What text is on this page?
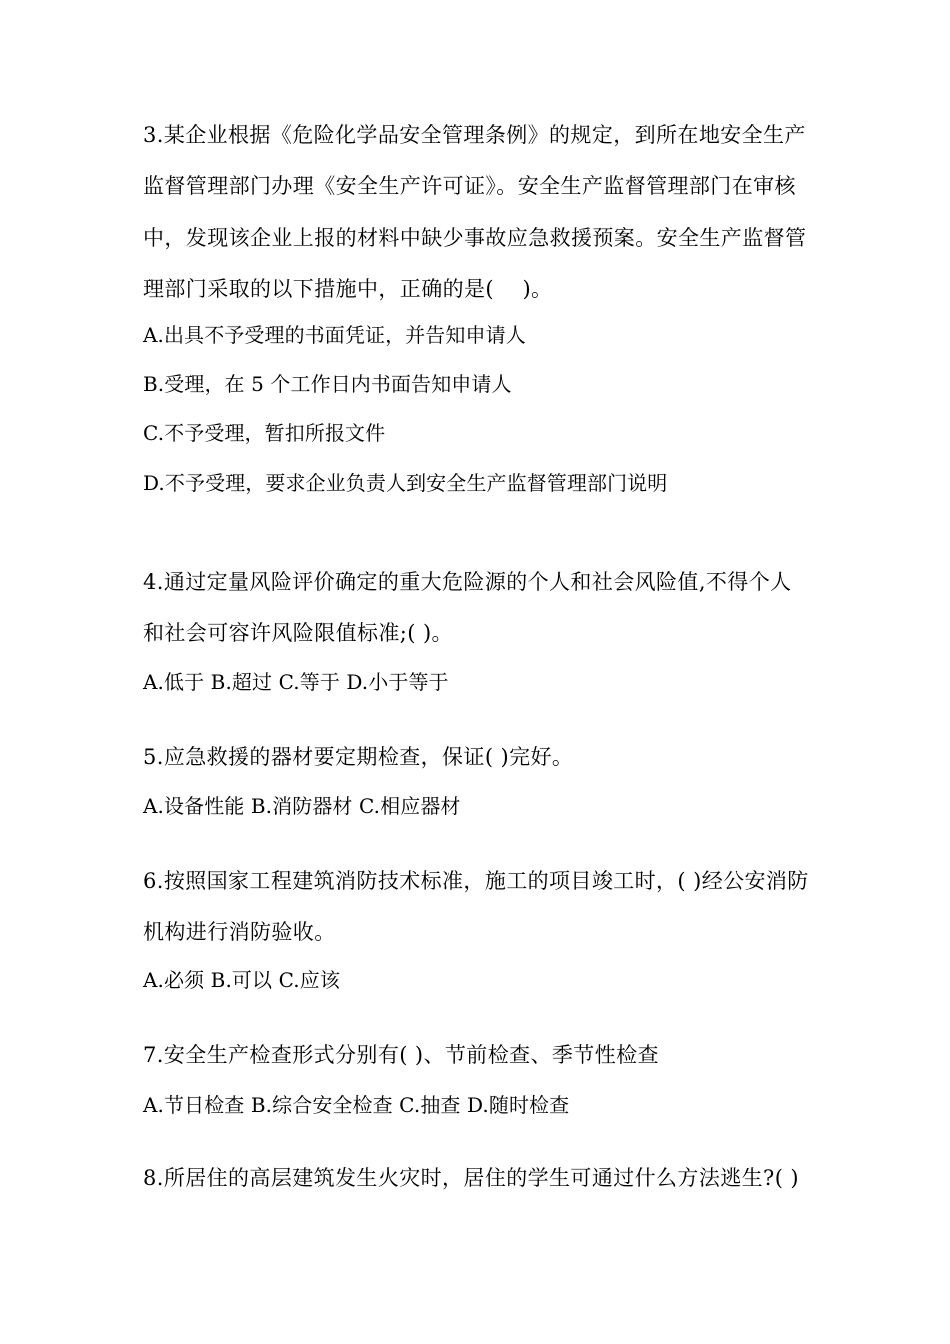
3.某企业根据《危险化学品安全管理条例》的规定，到所在地安全生产
监督管理部门办理《安全生产许可证》。安全生产监督管理部门在审核
中，发现该企业上报的材料中缺少事故应急救援预案。安全生产监督管
理部门采取的以下措施中，正确的是(　 )。
A.出具不予受理的书面凭证，并告知申请人
B.受理，在 5 个工作日内书面告知申请人
C.不予受理，暂扣所报文件
D.不予受理，要求企业负责人到安全生产监督管理部门说明
4.通过定量风险评价确定的重大危险源的个人和社会风险值,不得个人
和社会可容许风险限值标准;( )。
A.低于 B.超过 C.等于 D.小于等于
5.应急救援的器材要定期检查，保证( )完好。
A.设备性能 B.消防器材 C.相应器材
6.按照国家工程建筑消防技术标准，施工的项目竣工时，( )经公安消防
机构进行消防验收。
A.必须 B.可以 C.应该
7.安全生产检查形式分别有( )、节前检查、季节性检查
A.节日检查 B.综合安全检查 C.抽查 D.随时检查
8.所居住的高层建筑发生火灾时，居住的学生可通过什么方法逃生?( )
